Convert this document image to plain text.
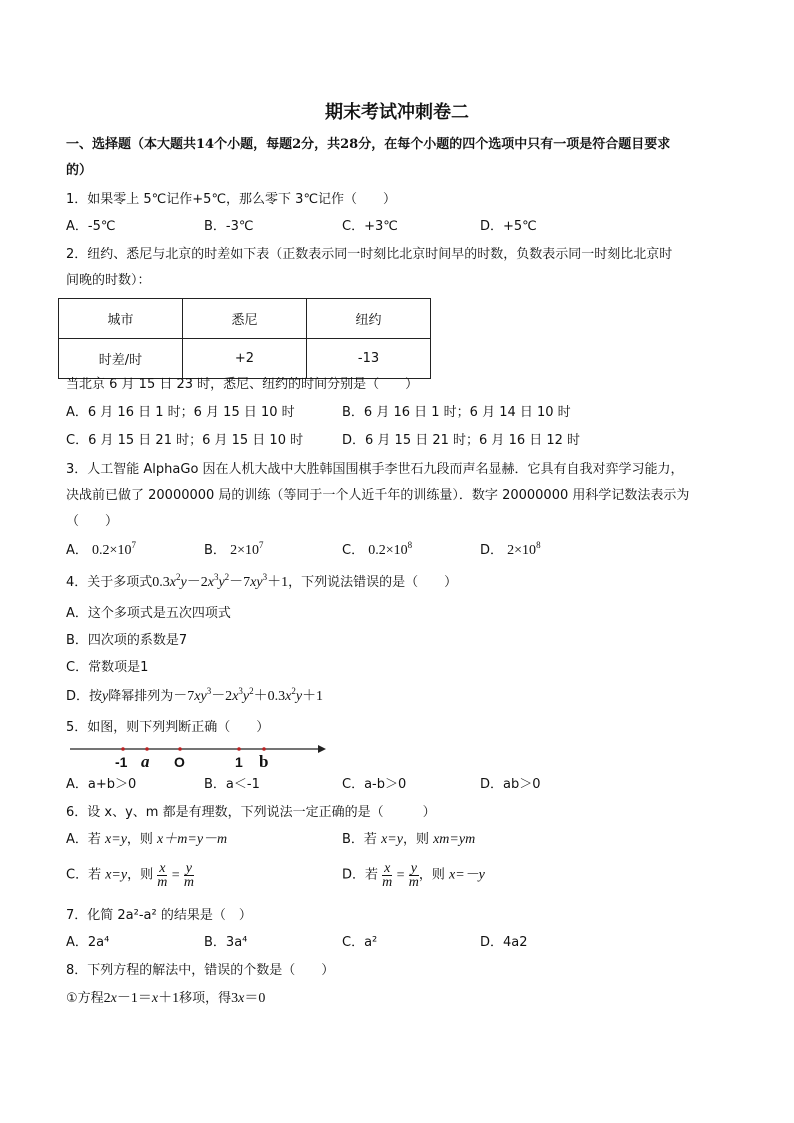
期末考试冲刺卷二
一、选择题（本大题共14个小题，每题2分，共28分，在每个小题的四个选项中只有一项是符合题目要求
的）
1．如果零上 5℃记作+5℃，那么零下 3℃记作（　　）
A．-5℃	B．-3℃	C．+3℃	D．+5℃
2．纽约、悉尼与北京的时差如下表（正数表示同一时刻比北京时间早的时数，负数表示同一时刻比北京时
间晚的时数）：
城市	悉尼	纽约
时差/时	+2	-13
当北京 6 月 15 日 23 时，悉尼、纽约的时间分别是（　　）
A．6 月 16 日 1 时；6 月 15 日 10 时	B．6 月 16 日 1 时；6 月 14 日 10 时
C．6 月 15 日 21 时；6 月 15 日 10 时	D．6 月 15 日 21 时；6 月 16 日 12 时
3．人工智能 AlphaGo 因在人机大战中大胜韩国围棋手李世石九段而声名显赫．它具有自我对弈学习能力，
决战前已做了 20000000 局的训练（等同于一个人近千年的训练量）．数字 20000000 用科学记数法表示为
（　　）
A． $0.2\times 10^7$	B． $2\times 10^7$	C． $0.2\times 10^8$	D． $2\times 10^8$
4．关于多项式$0.3x^2y-2x^3y^2-7xy^3+1$，下列说法错误的是（　　）
A．这个多项式是五次四项式
B．四次项的系数是7
C．常数项是1
D．按y降幂排列为$-7xy^3-2x^3y^2+0.3x^2y+1$
5．如图，则下列判断正确（　　）
-1 a O	1 b
A．a+b＞0	B．a＜-1	C．a-b＞0	D．ab＞0
6．设 x、y、m 都是有理数，下列说法一定正确的是（　　　）
A．若 x=y，则 x＋m=y－m	B．若 x=y，则 xm=ym
C．若 x=y，则 $\frac{x}{m} = \frac{y}{m}$	D．若 $\frac{x}{m} = \frac{y}{m}$ ，则 x=－y
7．化简 2a²-a² 的结果是（　）
A．2a⁴	B．3a⁴	C．a²	D．4a2
8．下列方程的解法中，错误的个数是（　　）
①方程2x－1＝x＋1移项，得3x＝0
